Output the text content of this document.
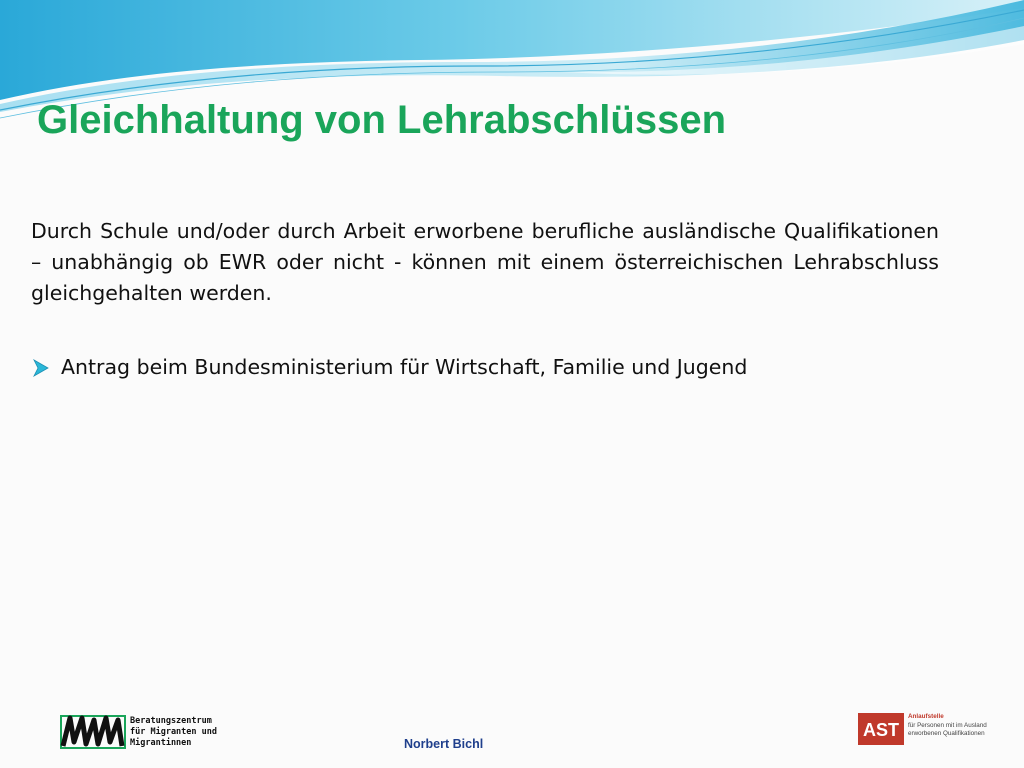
Gleichhaltung von Lehrabschlüssen

Durch Schule und/oder durch Arbeit erworbene berufliche ausländische Qualifikationen – unabhängig ob EWR oder nicht - können mit einem österreichischen Lehrabschluss gleichgehalten werden.

Antrag beim Bundesministerium für Wirtschaft, Familie und Jugend
Beratungszentrum
für Migranten und
Migrantinnen	Norbert Bichl
AST
Anlaufstelle
für Personen mit im Ausland
erworbenen Qualifikationen
